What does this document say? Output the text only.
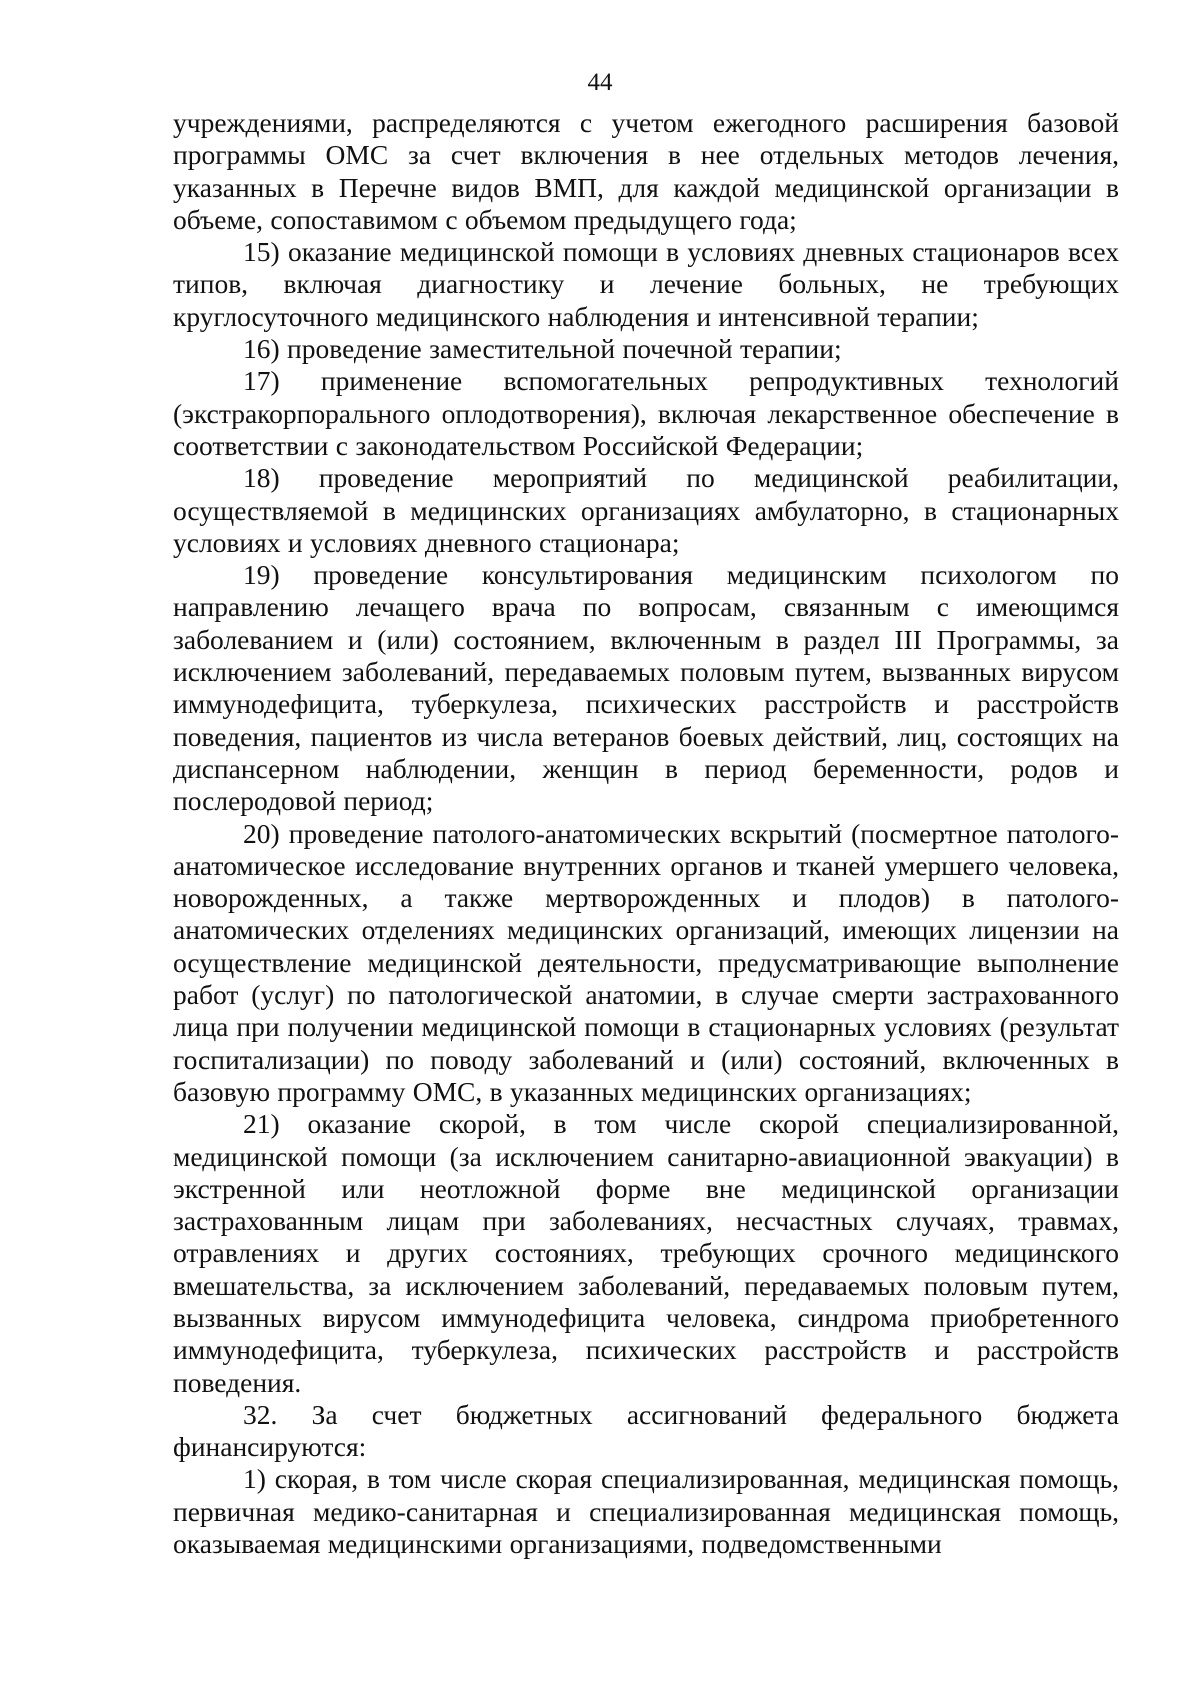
44

учреждениями, распределяются с учетом ежегодного расширения базовой программы ОМС за счет включения в нее отдельных методов лечения, указанных в Перечне видов ВМП, для каждой медицинской организации в объеме, сопоставимом с объемом предыдущего года;

15) оказание медицинской помощи в условиях дневных стационаров всех типов, включая диагностику и лечение больных, не требующих круглосуточного медицинского наблюдения и интенсивной терапии;

16) проведение заместительной почечной терапии;

17) применение вспомогательных репродуктивных технологий (экстракорпорального оплодотворения), включая лекарственное обеспечение в соответствии с законодательством Российской Федерации;

18) проведение мероприятий по медицинской реабилитации, осуществляемой в медицинских организациях амбулаторно, в стационарных условиях и условиях дневного стационара;

19) проведение консультирования медицинским психологом по направлению лечащего врача по вопросам, связанным с имеющимся заболеванием и (или) состоянием, включенным в раздел III Программы, за исключением заболеваний, передаваемых половым путем, вызванных вирусом иммунодефицита, туберкулеза, психических расстройств и расстройств поведения, пациентов из числа ветеранов боевых действий, лиц, состоящих на диспансерном наблюдении, женщин в период беременности, родов и послеродовой период;

20) проведение патолого-анатомических вскрытий (посмертное патолого-анатомическое исследование внутренних органов и тканей умершего человека, новорожденных, а также мертворожденных и плодов) в патолого-анатомических отделениях медицинских организаций, имеющих лицензии на осуществление медицинской деятельности, предусматривающие выполнение работ (услуг) по патологической анатомии, в случае смерти застрахованного лица при получении медицинской помощи в стационарных условиях (результат госпитализации) по поводу заболеваний и (или) состояний, включенных в базовую программу ОМС, в указанных медицинских организациях;

21) оказание скорой, в том числе скорой специализированной, медицинской помощи (за исключением санитарно-авиационной эвакуации) в экстренной или неотложной форме вне медицинской организации застрахованным лицам при заболеваниях, несчастных случаях, травмах, отравлениях и других состояниях, требующих срочного медицинского вмешательства, за исключением заболеваний, передаваемых половым путем, вызванных вирусом иммунодефицита человека, синдрома приобретенного иммунодефицита, туберкулеза, психических расстройств и расстройств поведения.

32. За счет бюджетных ассигнований федерального бюджета финансируются:

1) скорая, в том числе скорая специализированная, медицинская помощь, первичная медико-санитарная и специализированная медицинская помощь, оказываемая медицинскими организациями, подведомственными
